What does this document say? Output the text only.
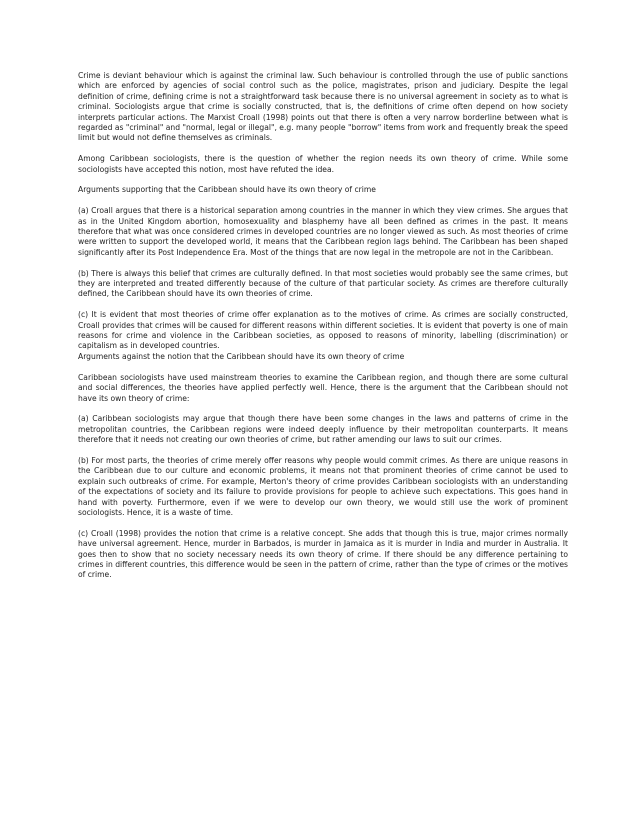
Crime is deviant behaviour which is against the criminal law. Such behaviour is controlled through the use of public sanctions which are enforced by agencies of social control such as the police, magistrates, prison and judiciary. Despite the legal definition of crime, defining crime is not a straightforward task because there is no universal agreement in society as to what is criminal. Sociologists argue that crime is socially constructed, that is, the definitions of crime often depend on how society interprets particular actions. The Marxist Croall (1998) points out that there is often a very narrow borderline between what is regarded as "criminal" and "normal, legal or illegal", e.g. many people "borrow" items from work and frequently break the speed limit but would not define themselves as criminals.

Among Caribbean sociologists, there is the question of whether the region needs its own theory of crime. While some sociologists have accepted this notion, most have refuted the idea.

Arguments supporting that the Caribbean should have its own theory of crime

(a) Croall argues that there is a historical separation among countries in the manner in which they view crimes. She argues that as in the United Kingdom abortion, homosexuality and blasphemy have all been defined as crimes in the past. It means therefore that what was once considered crimes in developed countries are no longer viewed as such. As most theories of crime were written to support the developed world, it means that the Caribbean region lags behind. The Caribbean has been shaped significantly after its Post Independence Era. Most of the things that are now legal in the metropole are not in the Caribbean.

(b) There is always this belief that crimes are culturally defined. In that most societies would probably see the same crimes, but they are interpreted and treated differently because of the culture of that particular society. As crimes are therefore culturally defined, the Caribbean should have its own theories of crime.

(c) It is evident that most theories of crime offer explanation as to the motives of crime. As crimes are socially constructed, Croall provides that crimes will be caused for different reasons within different societies. It is evident that poverty is one of main reasons for crime and violence in the Caribbean societies, as opposed to reasons of minority, labelling (discrimination) or capitalism as in developed countries.

Arguments against the notion that the Caribbean should have its own theory of crime

Caribbean sociologists have used mainstream theories to examine the Caribbean region, and though there are some cultural and social differences, the theories have applied perfectly well. Hence, there is the argument that the Caribbean should not have its own theory of crime:

(a) Caribbean sociologists may argue that though there have been some changes in the laws and patterns of crime in the metropolitan countries, the Caribbean regions were indeed deeply influence by their metropolitan counterparts. It means therefore that it needs not creating our own theories of crime, but rather amending our laws to suit our crimes.

(b) For most parts, the theories of crime merely offer reasons why people would commit crimes. As there are unique reasons in the Caribbean due to our culture and economic problems, it means not that prominent theories of crime cannot be used to explain such outbreaks of crime. For example, Merton's theory of crime provides Caribbean sociologists with an understanding of the expectations of society and its failure to provide provisions for people to achieve such expectations. This goes hand in hand with poverty. Furthermore, even if we were to develop our own theory, we would still use the work of prominent sociologists. Hence, it is a waste of time.

(c) Croall (1998) provides the notion that crime is a relative concept. She adds that though this is true, major crimes normally have universal agreement. Hence, murder in Barbados, is murder in Jamaica as it is murder in India and murder in Australia. It goes then to show that no society necessary needs its own theory of crime. If there should be any difference pertaining to crimes in different countries, this difference would be seen in the pattern of crime, rather than the type of crimes or the motives of crime.
